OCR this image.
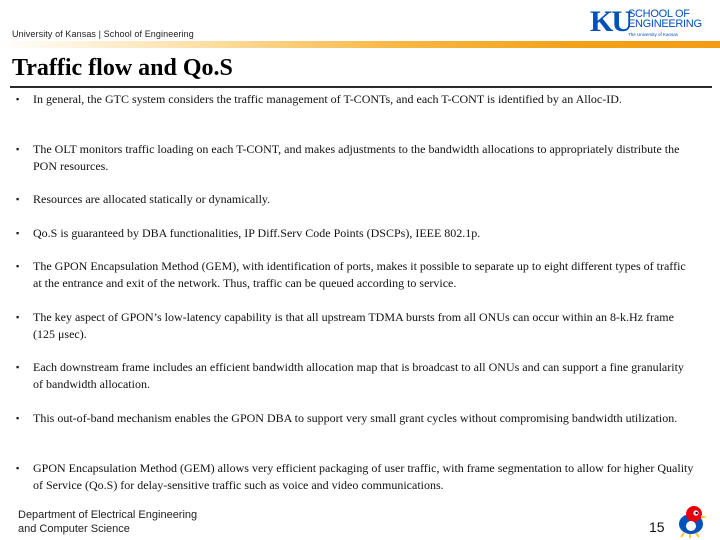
University of Kansas | School of Engineering	KU
SCHOOL OF
ENGINEERING
The University of Kansas
Traffic flow and Qo.S
▪	In general, the GTC system considers the traffic management of T-CONTs, and each T-CONT is identified by an Alloc-ID.
▪	The OLT monitors traffic loading on each T-CONT, and makes adjustments to the bandwidth allocations to appropriately distribute the PON resources.
▪	Resources are allocated statically or dynamically.
▪	Qo.S is guaranteed by DBA functionalities, IP Diff.Serv Code Points (DSCPs), IEEE 802.1p.
▪	The GPON Encapsulation Method (GEM), with identification of ports, makes it possible to separate up to eight different types of traffic at the entrance and exit of the network. Thus, traffic can be queued according to service.
▪	The key aspect of GPON’s low-latency capability is that all upstream TDMA bursts from all ONUs can occur within an 8-k.Hz frame (125 μsec).
▪	Each downstream frame includes an efficient bandwidth allocation map that is broadcast to all ONUs and can support a fine granularity of bandwidth allocation.
▪	This out-of-band mechanism enables the GPON DBA to support very small grant cycles without compromising bandwidth utilization.
▪	GPON Encapsulation Method (GEM) allows very efficient packaging of user traffic, with frame segmentation to allow for higher Quality of Service (Qo.S) for delay-sensitive traffic such as voice and video communications.
Department of Electrical Engineering
and Computer Science	15
